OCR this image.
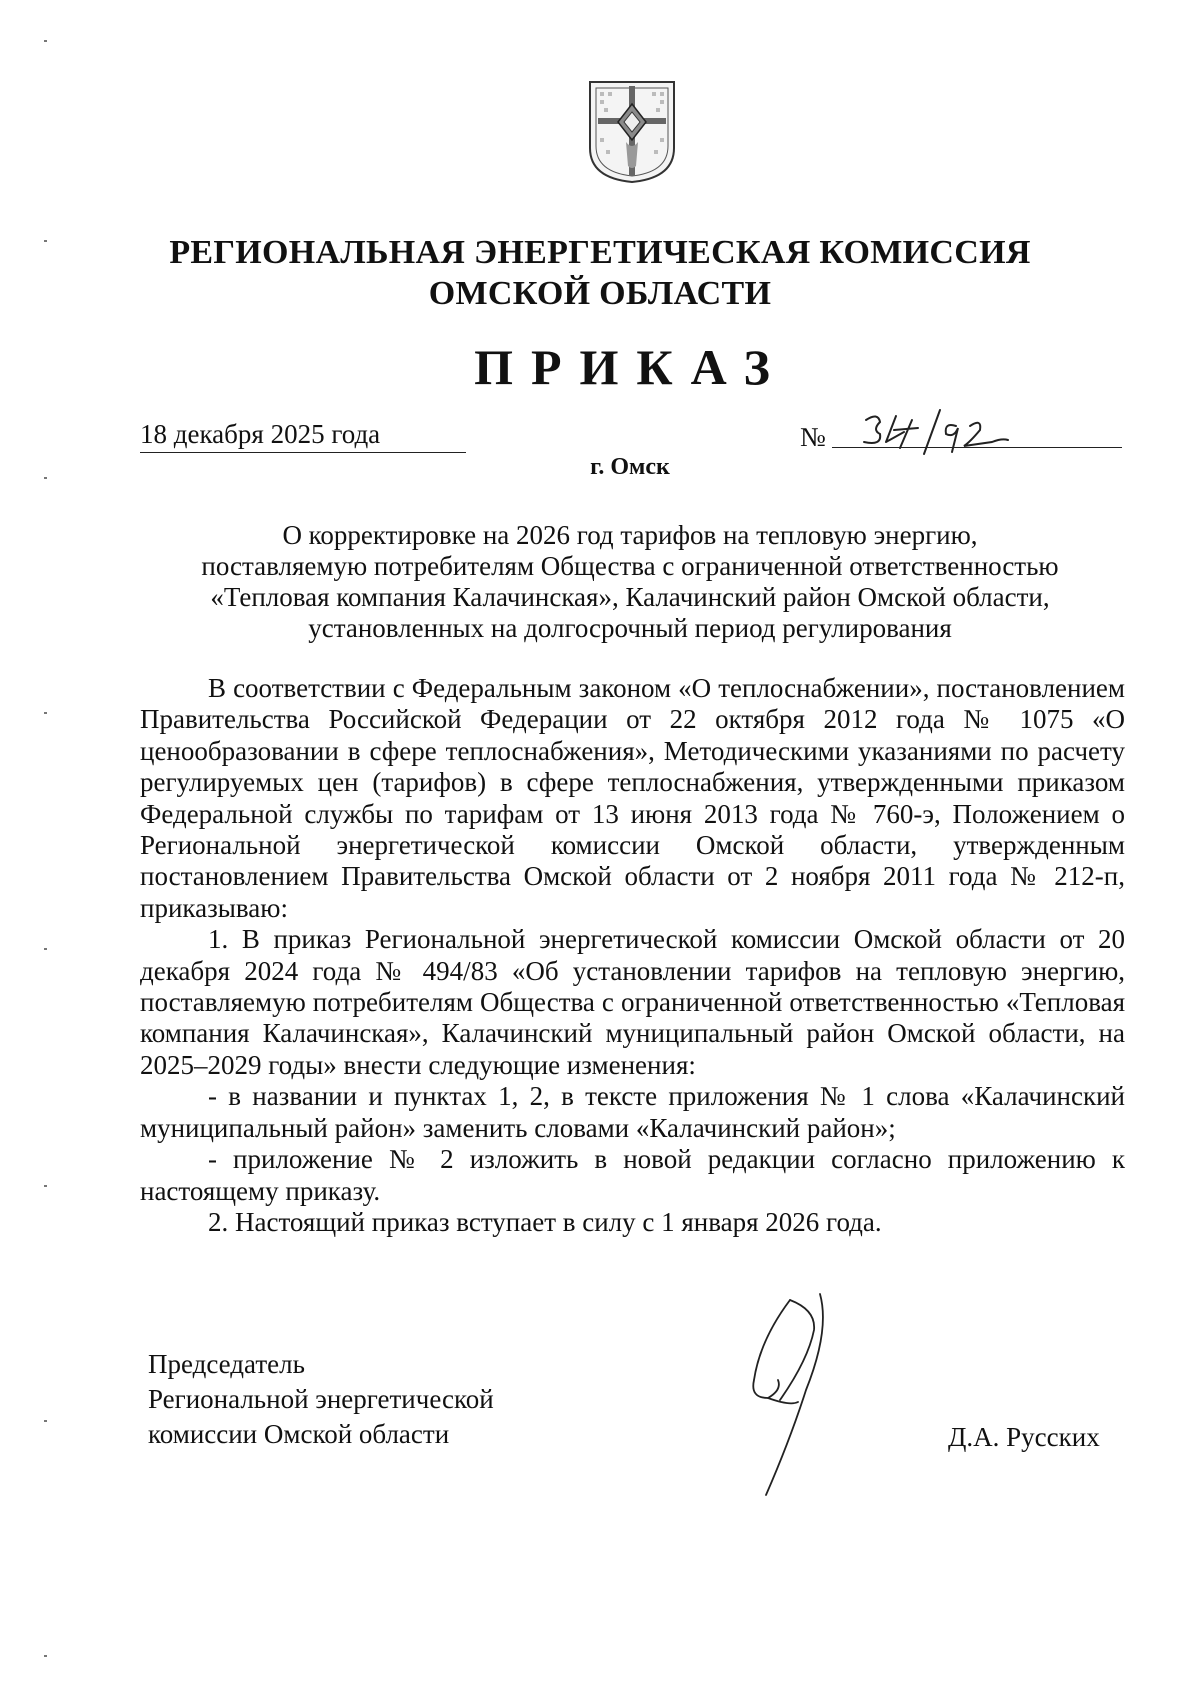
РЕГИОНАЛЬНАЯ ЭНЕРГЕТИЧЕСКАЯ КОМИССИЯ
ОМСКОЙ ОБЛАСТИ
ПРИКАЗ
18 декабря 2025 года	№
г. Омск
О корректировке на 2026 год тарифов на тепловую энергию,
поставляемую потребителям Общества с ограниченной ответственностью
«Тепловая компания Калачинская», Калачинский район Омской области,
установленных на долгосрочный период регулирования

В соответствии с Федеральным законом «О теплоснабжении», постановлением Правительства Российской Федерации от 22 октября 2012 года № 1075 «О ценообразовании в сфере теплоснабжения», Методическими указаниями по расчету регулируемых цен (тарифов) в сфере теплоснабжения, утвержденными приказом Федеральной службы по тарифам от 13 июня 2013 года № 760-э, Положением о Региональной энергетической комиссии Омской области, утвержденным постановлением Правительства Омской области от 2 ноября 2011 года № 212-п, приказываю:

1. В приказ Региональной энергетической комиссии Омской области от 20 декабря 2024 года № 494/83 «Об установлении тарифов на тепловую энергию, поставляемую потребителям Общества с ограниченной ответственностью «Тепловая компания Калачинская», Калачинский муниципальный район Омской области, на 2025–2029 годы» внести следующие изменения:

- в названии и пунктах 1, 2, в тексте приложения № 1 слова «Калачинский муниципальный район» заменить словами «Калачинский район»;

- приложение № 2 изложить в новой редакции согласно приложению к настоящему приказу.

2. Настоящий приказ вступает в силу с 1 января 2026 года.

Председатель
Региональной энергетической
комиссии Омской области	Д.А. Русских
